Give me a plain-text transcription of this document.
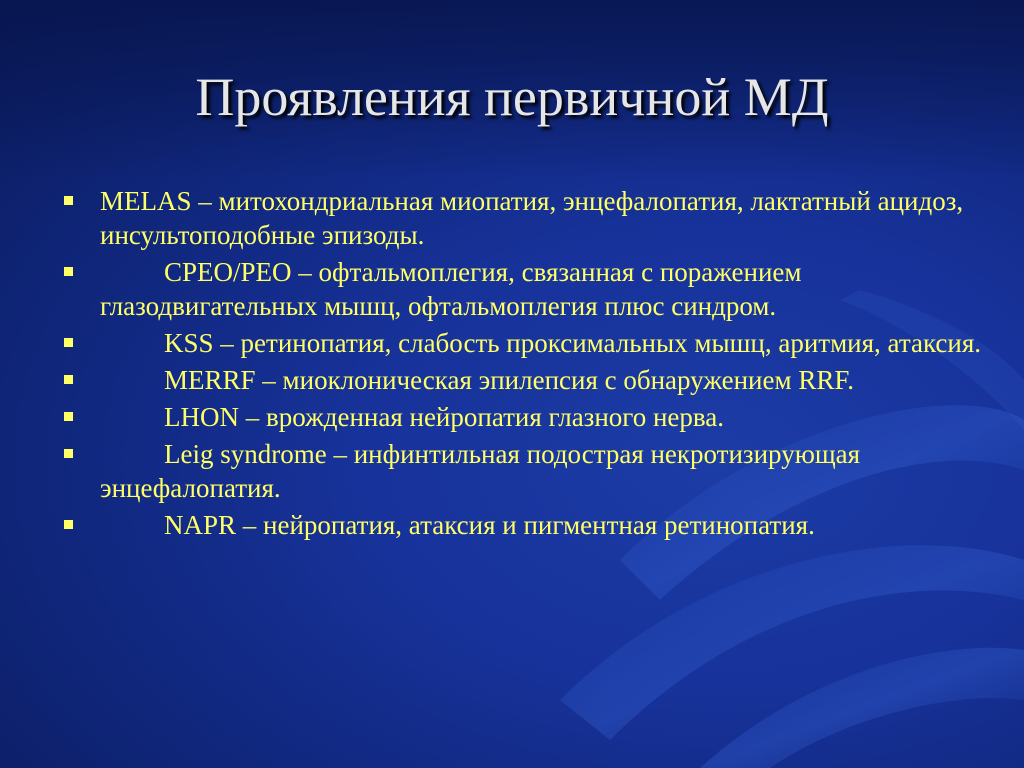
Проявления первичной МД
MELAS – митохондриальная миопатия, энцефалопатия, лактатный ацидоз, инсультоподобные эпизоды.
CPEO/PEO – офтальмоплегия, связанная с поражением глазодвигательных мышц, офтальмоплегия плюс синдром.
KSS – ретинопатия, слабость проксимальных мышц, аритмия, атаксия.
MERRF – миоклоническая эпилепсия с обнаружением RRF.
LHON – врожденная нейропатия глазного нерва.
Leig syndrome – инфинтильная подострая некротизирующая энцефалопатия.
NAPR – нейропатия, атаксия и пигментная ретинопатия.
